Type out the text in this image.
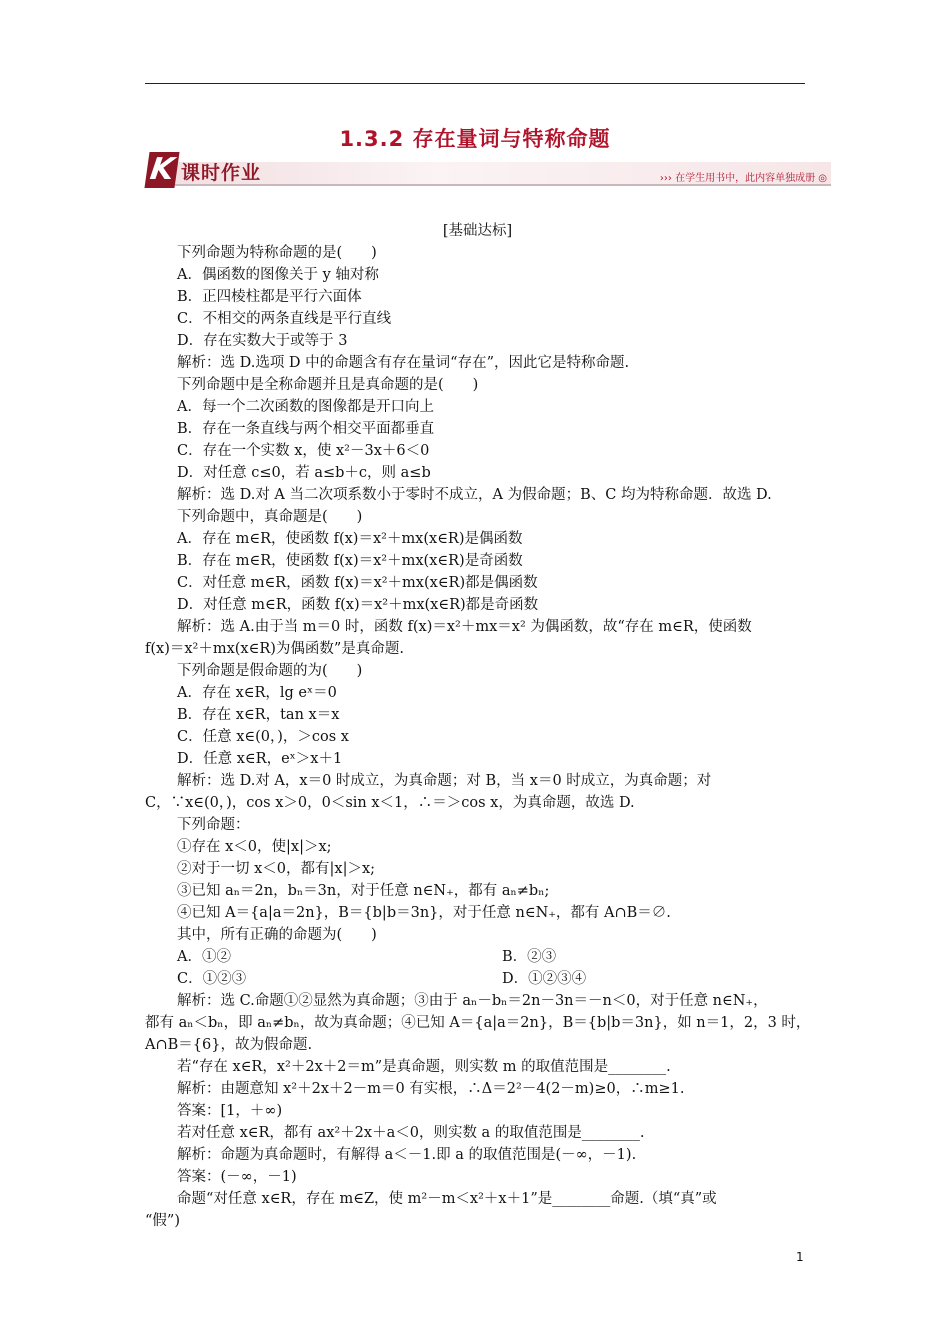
1.3.2 存在量词与特称命题
K 课时作业	››› 在学生用书中，此内容单独成册 ◎
[基础达标]
下列命题为特称命题的是(　　)
A．偶函数的图像关于 y 轴对称
B．正四棱柱都是平行六面体
C．不相交的两条直线是平行直线
D．存在实数大于或等于 3
解析：选 D.选项 D 中的命题含有存在量词“存在”，因此它是特称命题.
下列命题中是全称命题并且是真命题的是(　　)
A．每一个二次函数的图像都是开口向上
B．存在一条直线与两个相交平面都垂直
C．存在一个实数 x，使 x²－3x＋6＜0
D．对任意 c≤0，若 a≤b＋c，则 a≤b
解析：选 D.对 A 当二次项系数小于零时不成立，A 为假命题；B、C 均为特称命题．故选 D.
下列命题中，真命题是(　　)
A．存在 m∈R，使函数 f(x)＝x²＋mx(x∈R)是偶函数
B．存在 m∈R，使函数 f(x)＝x²＋mx(x∈R)是奇函数
C．对任意 m∈R，函数 f(x)＝x²＋mx(x∈R)都是偶函数
D．对任意 m∈R，函数 f(x)＝x²＋mx(x∈R)都是奇函数
解析：选 A.由于当 m＝0 时，函数 f(x)＝x²＋mx＝x² 为偶函数，故“存在 m∈R，使函数
f(x)＝x²＋mx(x∈R)为偶函数”是真命题.
下列命题是假命题的为(　　)
A．存在 x∈R，lg eˣ＝0
B．存在 x∈R，tan x＝x
C．任意 x∈(0，)，＞cos x
D．任意 x∈R，eˣ＞x＋1
解析：选 D.对 A，x＝0 时成立，为真命题；对 B，当 x＝0 时成立，为真命题；对
C，∵x∈(0，)，cos x＞0，0＜sin x＜1，∴＝＞cos x，为真命题，故选 D.
下列命题：
①存在 x＜0，使|x|＞x;
②对于一切 x＜0，都有|x|＞x;
③已知 aₙ＝2n，bₙ＝3n，对于任意 n∈N₊，都有 aₙ≠bₙ;
④已知 A＝{a|a＝2n}，B＝{b|b＝3n}，对于任意 n∈N₊，都有 A∩B＝∅.
其中，所有正确的命题为(　　)
A．①②	B．②③
C．①②③	D．①②③④
解析：选 C.命题①②显然为真命题；③由于 aₙ－bₙ＝2n－3n＝－n＜0，对于任意 n∈N₊，
都有 aₙ＜bₙ，即 aₙ≠bₙ，故为真命题；④已知 A＝{a|a＝2n}，B＝{b|b＝3n}，如 n＝1，2，3 时，
A∩B＝{6}，故为假命题.
若“存在 x∈R，x²＋2x＋2＝m”是真命题，则实数 m 的取值范围是________.
解析：由题意知 x²＋2x＋2－m＝0 有实根，∴Δ＝2²－4(2－m)≥0，∴m≥1.
答案：[1，＋∞)
若对任意 x∈R，都有 ax²＋2x＋a＜0，则实数 a 的取值范围是________.
解析：命题为真命题时，有解得 a＜－1.即 a 的取值范围是(－∞，－1).
答案：(－∞，－1)
命题“对任意 x∈R，存在 m∈Z，使 m²－m＜x²＋x＋1”是________命题.（填“真”或
“假”)
1
